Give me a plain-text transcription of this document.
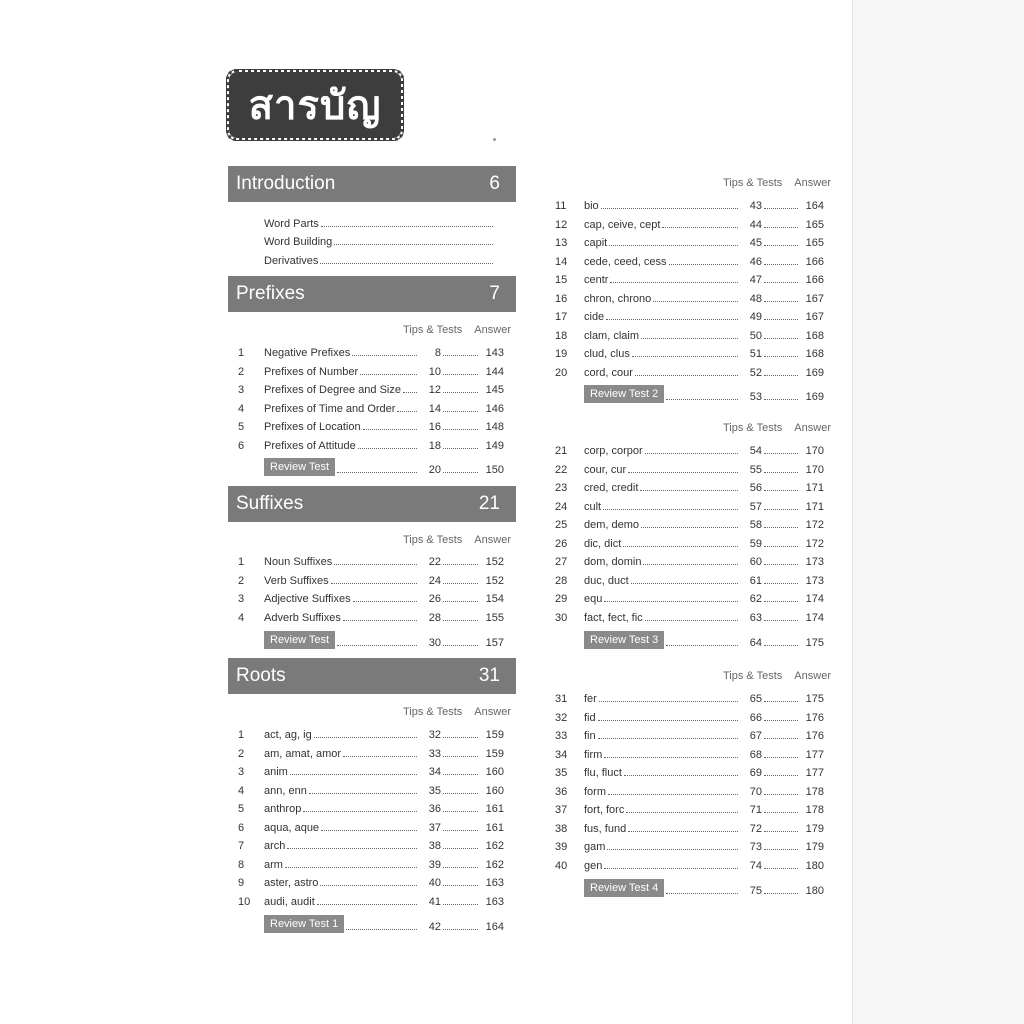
สารบัญ
Introduction	6
Word Parts
Word Building
Derivatives
Prefixes	7
Tips & Tests Answer
1	Negative Prefixes	8	143
2	Prefixes of Number	10	144
3	Prefixes of Degree and Size	12	145
4	Prefixes of Time and Order	14	146
5	Prefixes of Location	16	148
6	Prefixes of Attitude	18	149
Review Test	20	150
Suffixes	21
Tips & Tests Answer
1	Noun Suffixes	22	152
2	Verb Suffixes	24	152
3	Adjective Suffixes	26	154
4	Adverb Suffixes	28	155
Review Test	30	157
Roots	31
Tips & Tests Answer
1	act, ag, ig	32	159
2	am, amat, amor	33	159
3	anim	34	160
4	ann, enn	35	160
5	anthrop	36	161
6	aqua, aque	37	161
7	arch	38	162
8	arm	39	162
9	aster, astro	40	163
10	audi, audit	41	163
Review Test 1	42	164
Tips & Tests Answer
Tips & Tests Answer
Tips & Tests Answer
11	bio	43	164
12	cap, ceive, cept	44	165
13	capit	45	165
14	cede, ceed, cess	46	166
15	centr	47	166
16	chron, chrono	48	167
17	cide	49	167
18	clam, claim	50	168
19	clud, clus	51	168
20	cord, cour	52	169
Review Test 2	53	169
21	corp, corpor	54	170
22	cour, cur	55	170
23	cred, credit	56	171
24	cult	57	171
25	dem, demo	58	172
26	dic, dict	59	172
27	dom, domin	60	173
28	duc, duct	61	173
29	equ	62	174
30	fact, fect, fic	63	174
Review Test 3	64	175
31	fer	65	175
32	fid	66	176
33	fin	67	176
34	firm	68	177
35	flu, fluct	69	177
36	form	70	178
37	fort, forc	71	178
38	fus, fund	72	179
39	gam	73	179
40	gen	74	180
Review Test 4	75	180
